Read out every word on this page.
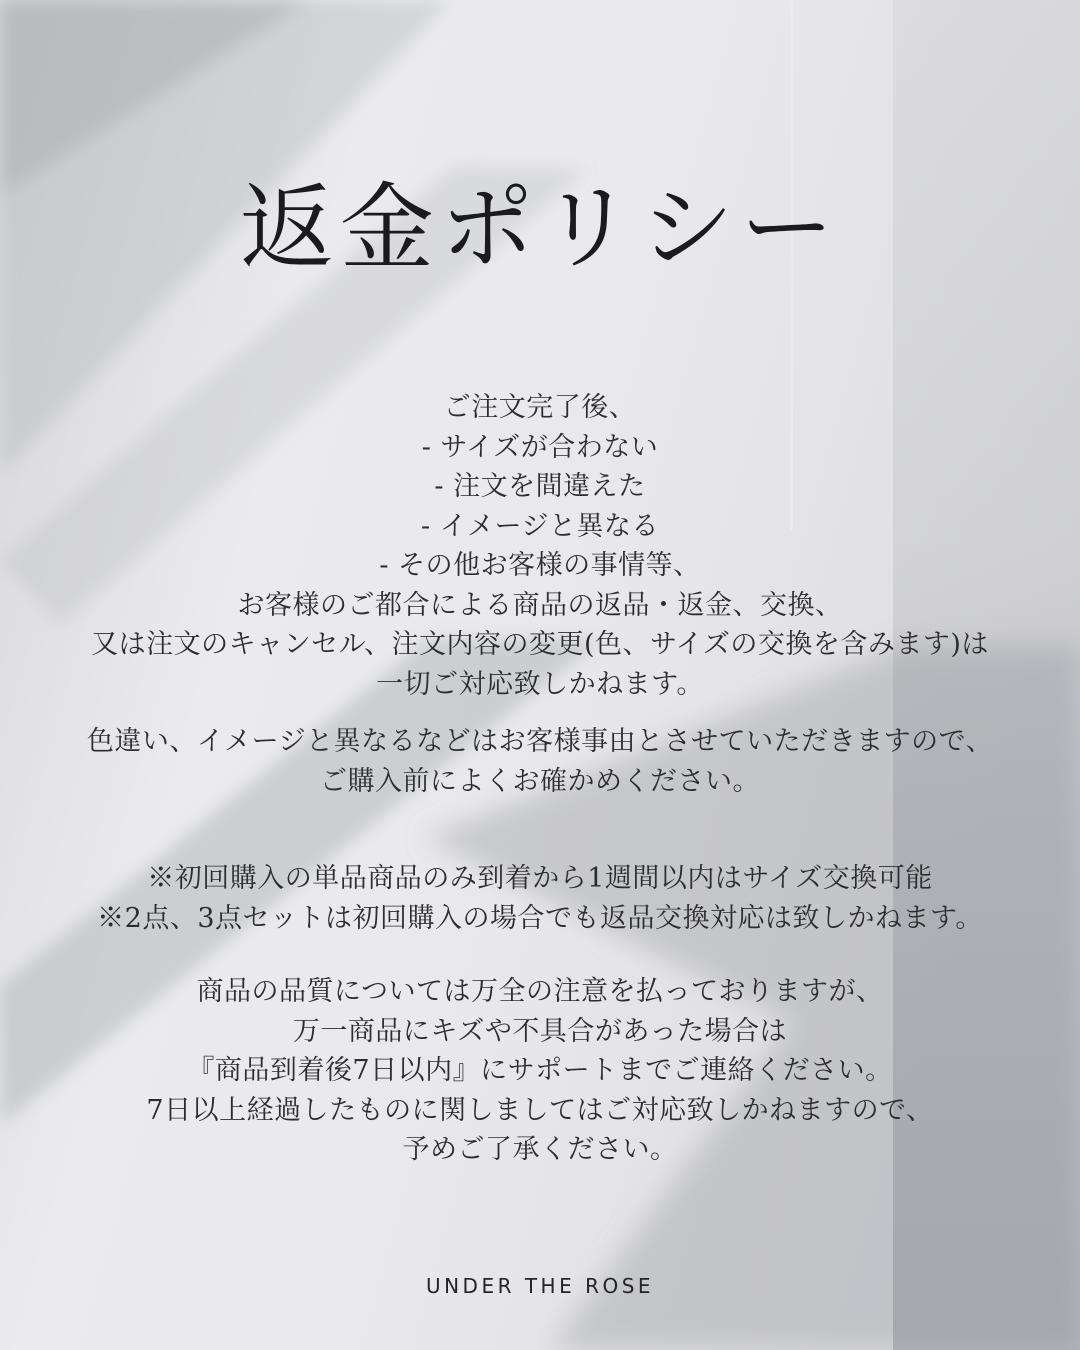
返金ポリシー

ご注文完了後、

- サイズが合わない

- 注文を間違えた

- イメージと異なる

- その他お客様の事情等、

お客様のご都合による商品の返品・返金、交換、

又は注文のキャンセル、注文内容の変更(色、サイズの交換を含みます)は

一切ご対応致しかねます。

色違い、イメージと異なるなどはお客様事由とさせていただきますので、

ご購入前によくお確かめください。

※初回購入の単品商品のみ到着から1週間以内はサイズ交換可能

※2点、3点セットは初回購入の場合でも返品交換対応は致しかねます。

商品の品質については万全の注意を払っておりますが、

万一商品にキズや不具合があった場合は

『商品到着後7日以内』にサポートまでご連絡ください。

7日以上経過したものに関しましてはご対応致しかねますので、

予めご了承ください。

UNDER THE ROSE
